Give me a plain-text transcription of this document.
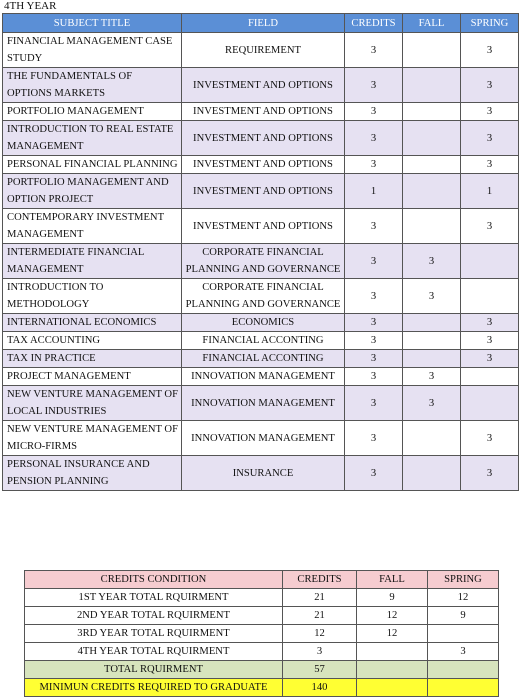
4TH YEAR
SUBJECT TITLE	FIELD	CREDITS	FALL	SPRING
FINANCIAL MANAGEMENT CASE STUDY	REQUIREMENT	3		3
THE FUNDAMENTALS OF OPTIONS MARKETS	INVESTMENT AND OPTIONS	3		3
PORTFOLIO MANAGEMENT	INVESTMENT AND OPTIONS	3		3
INTRODUCTION TO REAL ESTATE MANAGEMENT	INVESTMENT AND OPTIONS	3		3
PERSONAL FINANCIAL PLANNING	INVESTMENT AND OPTIONS	3		3
PORTFOLIO MANAGEMENT AND OPTION PROJECT	INVESTMENT AND OPTIONS	1		1
CONTEMPORARY INVESTMENT MANAGEMENT	INVESTMENT AND OPTIONS	3		3
INTERMEDIATE FINANCIAL MANAGEMENT	CORPORATE FINANCIAL PLANNING AND GOVERNANCE	3	3	
INTRODUCTION TO METHODOLOGY	CORPORATE FINANCIAL PLANNING AND GOVERNANCE	3	3	
INTERNATIONAL ECONOMICS	ECONOMICS	3		3
TAX ACCOUNTING	FINANCIAL ACCONTING	3		3
TAX IN PRACTICE	FINANCIAL ACCONTING	3		3
PROJECT MANAGEMENT	INNOVATION MANAGEMENT	3	3	
NEW VENTURE MANAGEMENT OF LOCAL INDUSTRIES	INNOVATION MANAGEMENT	3	3	
NEW VENTURE MANAGEMENT OF MICRO-FIRMS	INNOVATION MANAGEMENT	3		3
PERSONAL INSURANCE AND PENSION PLANNING	INSURANCE	3		3
CREDITS CONDITION	CREDITS	FALL	SPRING
1ST YEAR TOTAL RQUIRMENT	21	9	12
2ND YEAR TOTAL RQUIRMENT	21	12	9
3RD YEAR TOTAL RQUIRMENT	12	12	
4TH YEAR TOTAL RQUIRMENT	3		3
TOTAL RQUIRMENT	57		
MINIMUN CREDITS REQUIRED TO GRADUATE	140		
